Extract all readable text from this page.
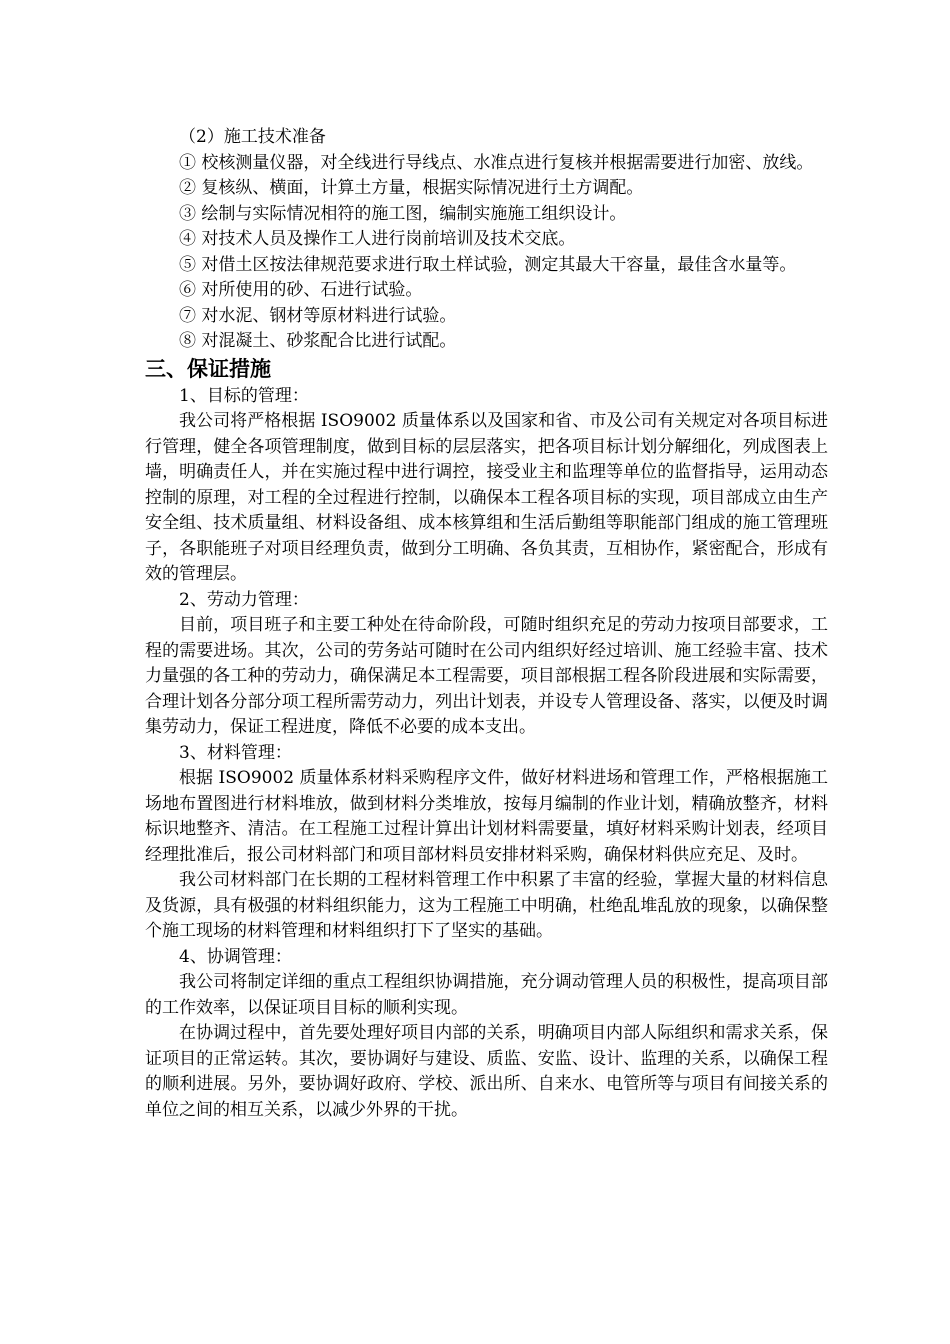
（2）施工技术准备

① 校核测量仪器，对全线进行导线点、水准点进行复核并根据需要进行加密、放线。

② 复核纵、横面，计算土方量，根据实际情况进行土方调配。

③ 绘制与实际情况相符的施工图，编制实施施工组织设计。

④ 对技术人员及操作工人进行岗前培训及技术交底。

⑤ 对借土区按法律规范要求进行取土样试验，测定其最大干容量，最佳含水量等。

⑥ 对所使用的砂、石进行试验。

⑦ 对水泥、钢材等原材料进行试验。

⑧ 对混凝土、砂浆配合比进行试配。

三、保证措施

1、目标的管理：

我公司将严格根据 ISO9002 质量体系以及国家和省、市及公司有关规定对各项目标进行管理，健全各项管理制度，做到目标的层层落实，把各项目标计划分解细化，列成图表上墙，明确责任人，并在实施过程中进行调控，接受业主和监理等单位的监督指导，运用动态控制的原理，对工程的全过程进行控制，以确保本工程各项目标的实现，项目部成立由生产安全组、技术质量组、材料设备组、成本核算组和生活后勤组等职能部门组成的施工管理班子，各职能班子对项目经理负责，做到分工明确、各负其责，互相协作，紧密配合，形成有效的管理层。

2、劳动力管理：

目前，项目班子和主要工种处在待命阶段，可随时组织充足的劳动力按项目部要求，工程的需要进场。其次，公司的劳务站可随时在公司内组织好经过培训、施工经验丰富、技术力量强的各工种的劳动力，确保满足本工程需要，项目部根据工程各阶段进展和实际需要，合理计划各分部分项工程所需劳动力，列出计划表，并设专人管理设备、落实，以便及时调集劳动力，保证工程进度，降低不必要的成本支出。

3、材料管理：

根据 ISO9002 质量体系材料采购程序文件，做好材料进场和管理工作，严格根据施工场地布置图进行材料堆放，做到材料分类堆放，按每月编制的作业计划，精确放整齐，材料标识地整齐、清洁。在工程施工过程计算出计划材料需要量，填好材料采购计划表，经项目经理批准后，报公司材料部门和项目部材料员安排材料采购，确保材料供应充足、及时。

我公司材料部门在长期的工程材料管理工作中积累了丰富的经验，掌握大量的材料信息及货源，具有极强的材料组织能力，这为工程施工中明确，杜绝乱堆乱放的现象，以确保整个施工现场的材料管理和材料组织打下了坚实的基础。

4、协调管理：

我公司将制定详细的重点工程组织协调措施，充分调动管理人员的积极性，提高项目部的工作效率，以保证项目目标的顺利实现。

在协调过程中，首先要处理好项目内部的关系，明确项目内部人际组织和需求关系，保证项目的正常运转。其次，要协调好与建设、质监、安监、设计、监理的关系，以确保工程的顺利进展。另外，要协调好政府、学校、派出所、自来水、电管所等与项目有间接关系的单位之间的相互关系，以减少外界的干扰。
